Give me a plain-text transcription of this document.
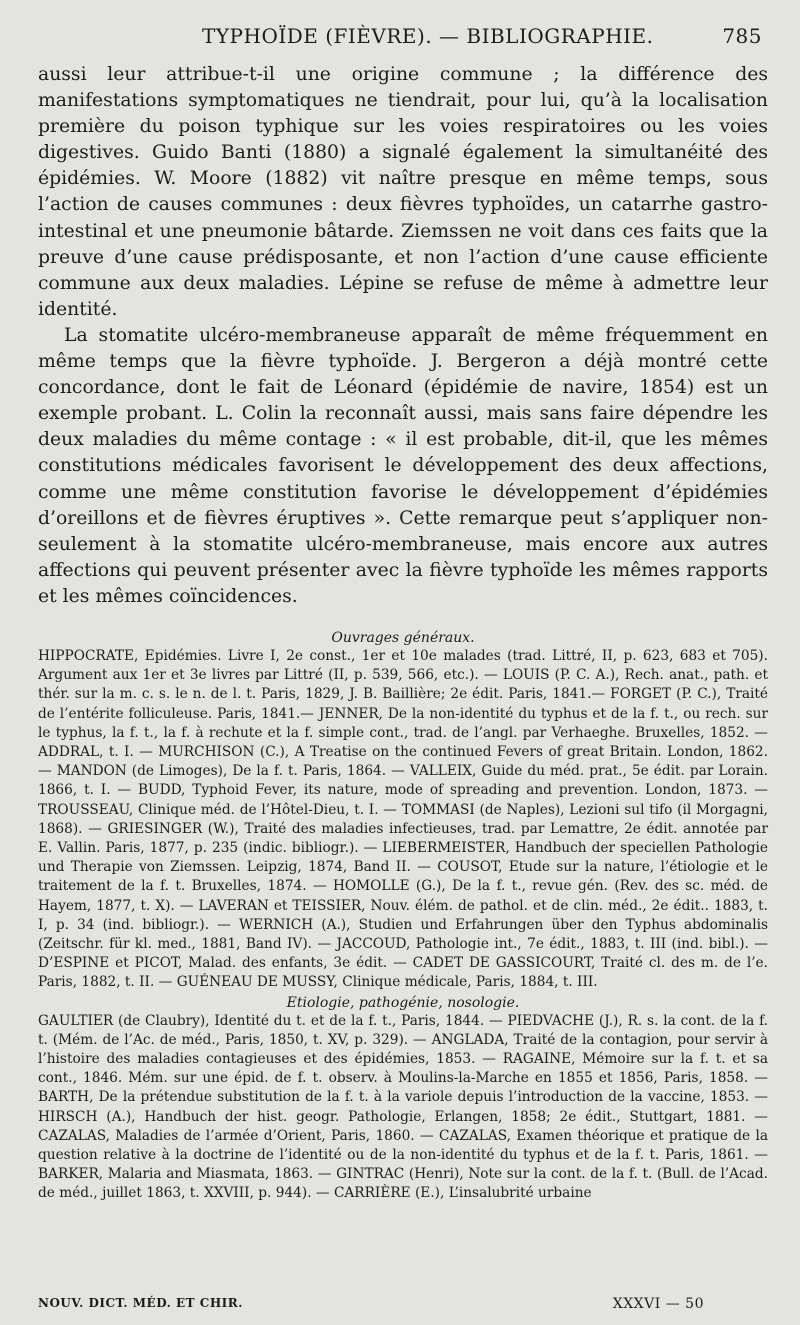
TYPHOÏDE (FIÈVRE). — BIBLIOGRAPHIE.	785

aussi leur attribue-t-il une origine commune ; la différence des manifestations symptomatiques ne tiendrait, pour lui, qu’à la localisation première du poison typhique sur les voies respiratoires ou les voies digestives. Guido Banti (1880) a signalé également la simultanéité des épidémies. W. Moore (1882) vit naître presque en même temps, sous l’action de causes communes : deux fièvres typhoïdes, un catarrhe gastro-intestinal et une pneumonie bâtarde. Ziemssen ne voit dans ces faits que la preuve d’une cause prédisposante, et non l’action d’une cause efficiente commune aux deux maladies. Lépine se refuse de même à admettre leur identité.

La stomatite ulcéro-membraneuse apparaît de même fréquemment en même temps que la fièvre typhoïde. J. Bergeron a déjà montré cette concordance, dont le fait de Léonard (épidémie de navire, 1854) est un exemple probant. L. Colin la reconnaît aussi, mais sans faire dépendre les deux maladies du même contage : « il est probable, dit-il, que les mêmes constitutions médicales favorisent le développement des deux affections, comme une même constitution favorise le développement d’épidémies d’oreillons et de fièvres éruptives ». Cette remarque peut s’appliquer non-seulement à la stomatite ulcéro-membraneuse, mais encore aux autres affections qui peuvent présenter avec la fièvre typhoïde les mêmes rapports et les mêmes coïncidences.

Ouvrages généraux.

HIPPOCRATE, Epidémies. Livre I, 2e const., 1er et 10e malades (trad. Littré, II, p. 623, 683 et 705). Argument aux 1er et 3e livres par Littré (II, p. 539, 566, etc.). — LOUIS (P. C. A.), Rech. anat., path. et thér. sur la m. c. s. le n. de l. t. Paris, 1829, J. B. Baillière; 2e édit. Paris, 1841.— FORGET (P. C.), Traité de l’entérite folliculeuse. Paris, 1841.— JENNER, De la non-identité du typhus et de la f. t., ou rech. sur le typhus, la f. t., la f. à rechute et la f. simple cont., trad. de l’angl. par Verhaeghe. Bruxelles, 1852. — ADDRAL, t. I. — MURCHISON (C.), A Treatise on the continued Fevers of great Britain. London, 1862. — MANDON (de Limoges), De la f. t. Paris, 1864. — VALLEIX, Guide du méd. prat., 5e édit. par Lorain. 1866, t. I. — BUDD, Typhoid Fever, its nature, mode of spreading and prevention. London, 1873. — TROUSSEAU, Clinique méd. de l’Hôtel-Dieu, t. I. — TOMMASI (de Naples), Lezioni sul tifo (il Morgagni, 1868). — GRIESINGER (W.), Traité des maladies infectieuses, trad. par Lemattre, 2e édit. annotée par E. Vallin. Paris, 1877, p. 235 (indic. bibliogr.). — LIEBERMEISTER, Handbuch der speciellen Pathologie und Therapie von Ziemssen. Leipzig, 1874, Band II. — COUSOT, Etude sur la nature, l’étiologie et le traitement de la f. t. Bruxelles, 1874. — HOMOLLE (G.), De la f. t., revue gén. (Rev. des sc. méd. de Hayem, 1877, t. X). — LAVERAN et TEISSIER, Nouv. élém. de pathol. et de clin. méd., 2e édit.. 1883, t. I, p. 34 (ind. bibliogr.). — WERNICH (A.), Studien und Erfahrungen über den Typhus abdominalis (Zeitschr. für kl. med., 1881, Band IV). — JACCOUD, Pathologie int., 7e édit., 1883, t. III (ind. bibl.). — D’ESPINE et PICOT, Malad. des enfants, 3e édit. — CADET DE GASSICOURT, Traité cl. des m. de l’e. Paris, 1882, t. II. — GUÉNEAU DE MUSSY, Clinique médicale, Paris, 1884, t. III.

Etiologie, pathogénie, nosologie.

GAULTIER (de Claubry), Identité du t. et de la f. t., Paris, 1844. — PIEDVACHE (J.), R. s. la cont. de la f. t. (Mém. de l’Ac. de méd., Paris, 1850, t. XV, p. 329). — ANGLADA, Traité de la contagion, pour servir à l’histoire des maladies contagieuses et des épidémies, 1853. — RAGAINE, Mémoire sur la f. t. et sa cont., 1846. Mém. sur une épid. de f. t. observ. à Moulins-la-Marche en 1855 et 1856, Paris, 1858. — BARTH, De la prétendue substitution de la f. t. à la variole depuis l’introduction de la vaccine, 1853. — HIRSCH (A.), Handbuch der hist. geogr. Pathologie, Erlangen, 1858; 2e édit., Stuttgart, 1881. — CAZALAS, Maladies de l’armée d’Orient, Paris, 1860. — CAZALAS, Examen théorique et pratique de la question relative à la doctrine de l’identité ou de la non-identité du typhus et de la f. t. Paris, 1861. — BARKER, Malaria and Miasmata, 1863. — GINTRAC (Henri), Note sur la cont. de la f. t. (Bull. de l’Acad. de méd., juillet 1863, t. XXVIII, p. 944). — CARRIÈRE (E.), L’insalubrité urbaine

NOUV. DICT. MÉD. ET CHIR.	XXXVI — 50
